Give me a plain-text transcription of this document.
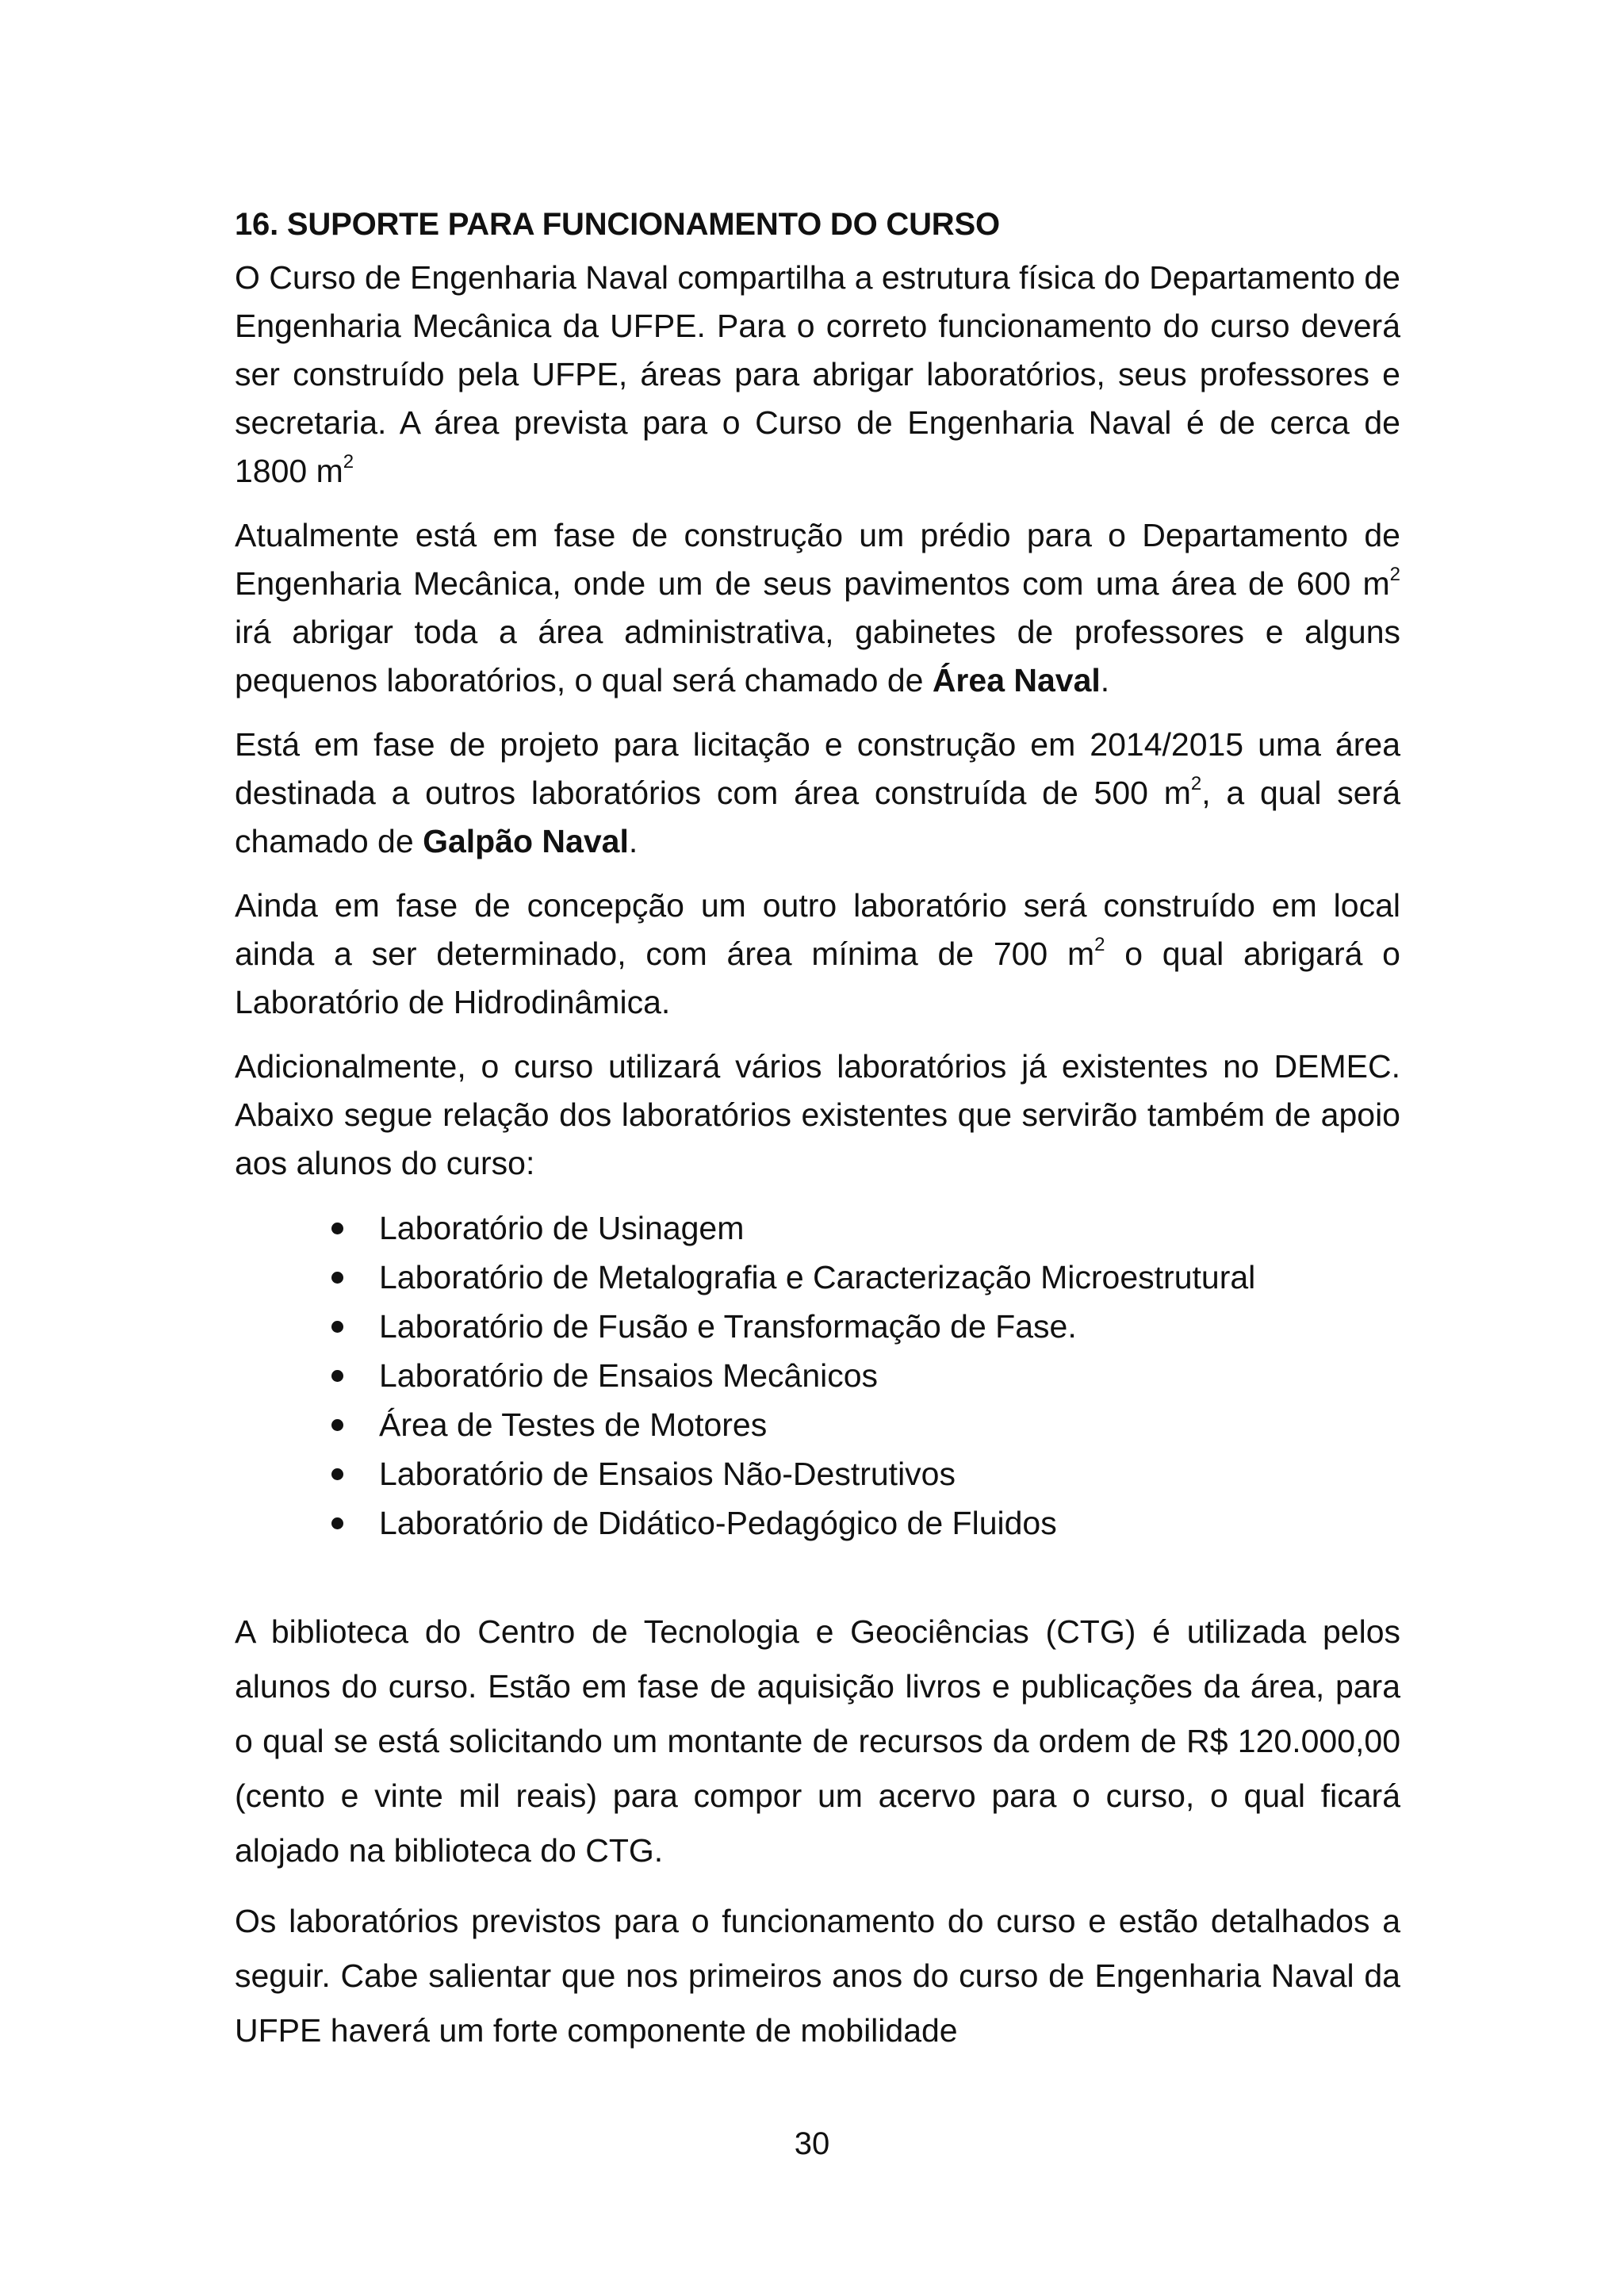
16. SUPORTE PARA FUNCIONAMENTO DO CURSO

O Curso de Engenharia Naval compartilha a estrutura física do Departamento de Engenharia Mecânica da UFPE. Para o correto funcionamento do curso deverá ser construído pela UFPE, áreas para abrigar laboratórios, seus professores e secretaria. A área prevista para o Curso de Engenharia Naval é de cerca de 1800 $m^2$

Atualmente está em fase de construção um prédio para o Departamento de Engenharia Mecânica, onde um de seus pavimentos com uma área de 600 $m^2$ irá abrigar toda a área administrativa, gabinetes de professores e alguns pequenos laboratórios, o qual será chamado de Área Naval.

Está em fase de projeto para licitação e construção em 2014/2015 uma área destinada a outros laboratórios com área construída de 500 $m^2$, a qual será chamado de Galpão Naval.

Ainda em fase de concepção um outro laboratório será construído em local ainda a ser determinado, com área mínima de 700 $m^2$ o qual abrigará o Laboratório de Hidrodinâmica.

Adicionalmente, o curso utilizará vários laboratórios já existentes no DEMEC. Abaixo segue relação dos laboratórios existentes que servirão também de apoio aos alunos do curso:

Laboratório de Usinagem
Laboratório de Metalografia e Caracterização Microestrutural
Laboratório de Fusão e Transformação de Fase.
Laboratório de Ensaios Mecânicos
Área de Testes de Motores
Laboratório de Ensaios Não-Destrutivos
Laboratório de Didático-Pedagógico de Fluidos

A biblioteca do Centro de Tecnologia e Geociências (CTG) é utilizada pelos alunos do curso. Estão em fase de aquisição livros e publicações da área, para o qual se está solicitando um montante de recursos da ordem de R$ 120.000,00 (cento e vinte mil reais) para compor um acervo para o curso, o qual ficará alojado na biblioteca do CTG.

Os laboratórios previstos para o funcionamento do curso e estão detalhados a seguir. Cabe salientar que nos primeiros anos do curso de Engenharia Naval da UFPE haverá um forte componente de mobilidade

30
